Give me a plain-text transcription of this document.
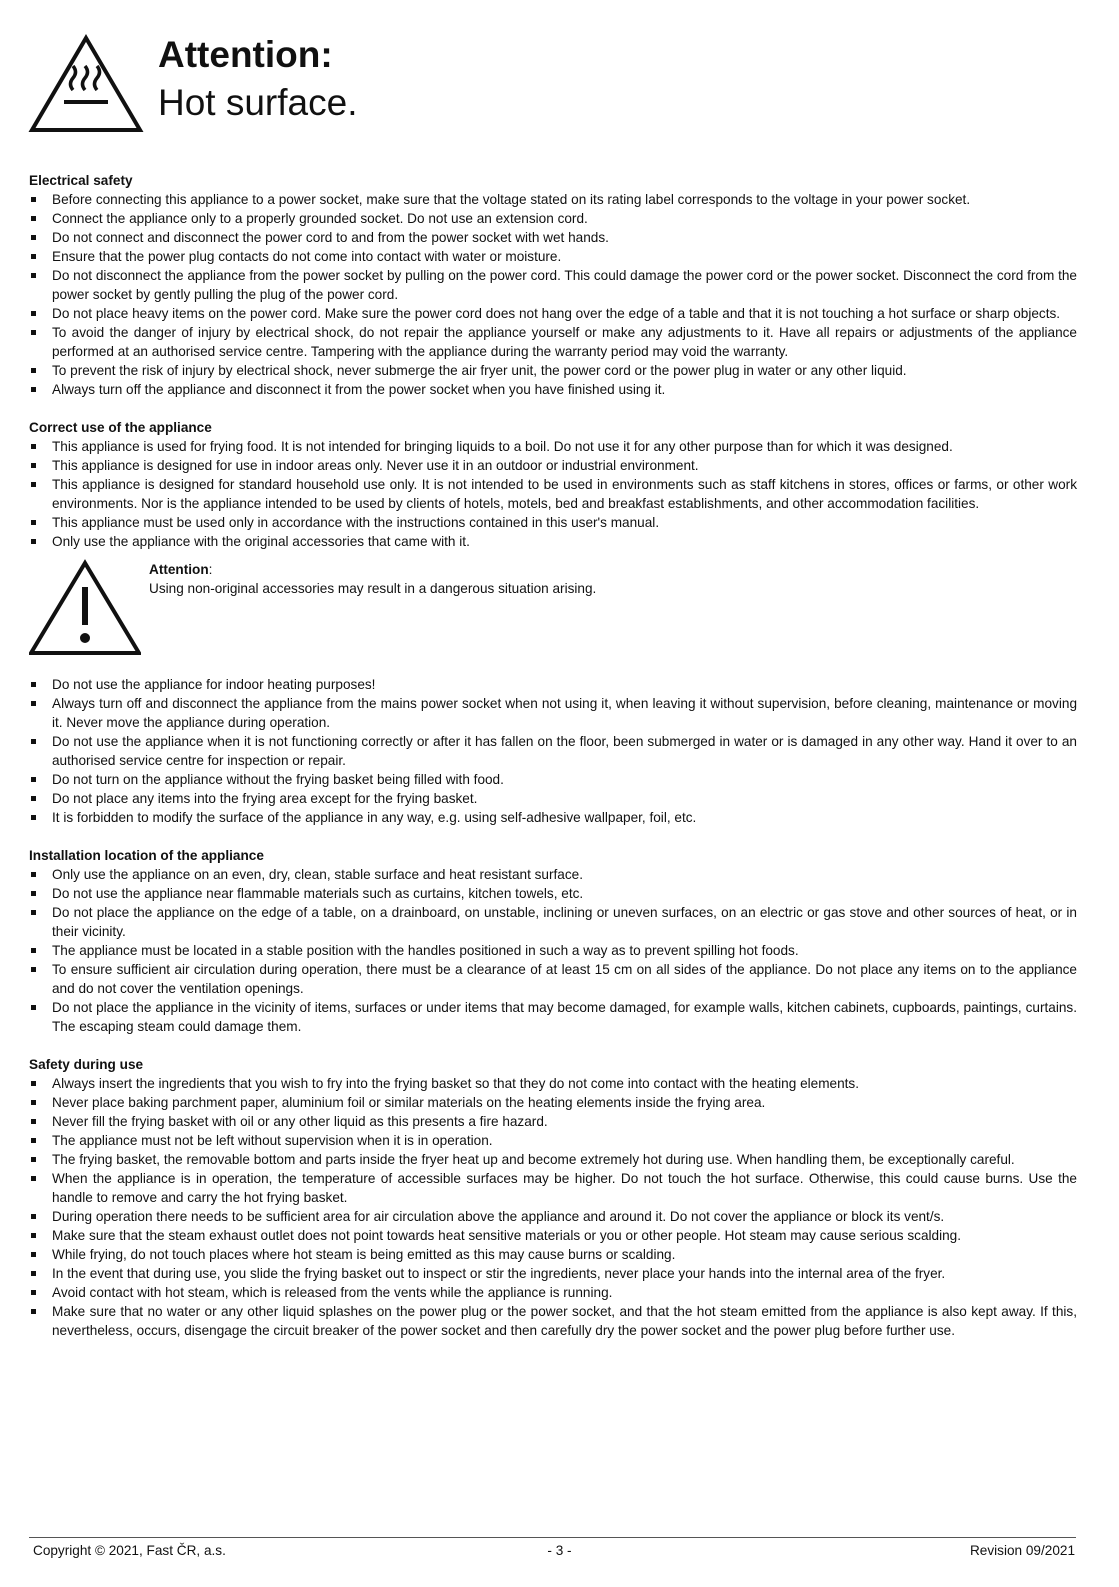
Attention:
Hot surface.
Electrical safety
Before connecting this appliance to a power socket, make sure that the voltage stated on its rating label corresponds to the voltage in your power socket.
Connect the appliance only to a properly grounded socket. Do not use an extension cord.
Do not connect and disconnect the power cord to and from the power socket with wet hands.
Ensure that the power plug contacts do not come into contact with water or moisture.
Do not disconnect the appliance from the power socket by pulling on the power cord. This could damage the power cord or the power socket. Disconnect the cord from the power socket by gently pulling the plug of the power cord.
Do not place heavy items on the power cord. Make sure the power cord does not hang over the edge of a table and that it is not touching a hot surface or sharp objects.
To avoid the danger of injury by electrical shock, do not repair the appliance yourself or make any adjustments to it. Have all repairs or adjustments of the appliance performed at an authorised service centre. Tampering with the appliance during the warranty period may void the warranty.
To prevent the risk of injury by electrical shock, never submerge the air fryer unit, the power cord or the power plug in water or any other liquid.
Always turn off the appliance and disconnect it from the power socket when you have finished using it.
Correct use of the appliance
This appliance is used for frying food. It is not intended for bringing liquids to a boil. Do not use it for any other purpose than for which it was designed.
This appliance is designed for use in indoor areas only. Never use it in an outdoor or industrial environment.
This appliance is designed for standard household use only. It is not intended to be used in environments such as staff kitchens in stores, offices or farms, or other work environments. Nor is the appliance intended to be used by clients of hotels, motels, bed and breakfast establishments, and other accommodation facilities.
This appliance must be used only in accordance with the instructions contained in this user's manual.
Only use the appliance with the original accessories that came with it.
Attention:
Using non-original accessories may result in a dangerous situation arising.
Do not use the appliance for indoor heating purposes!
Always turn off and disconnect the appliance from the mains power socket when not using it, when leaving it without supervision, before cleaning, maintenance or moving it. Never move the appliance during operation.
Do not use the appliance when it is not functioning correctly or after it has fallen on the floor, been submerged in water or is damaged in any other way. Hand it over to an authorised service centre for inspection or repair.
Do not turn on the appliance without the frying basket being filled with food.
Do not place any items into the frying area except for the frying basket.
It is forbidden to modify the surface of the appliance in any way, e.g. using self-adhesive wallpaper, foil, etc.
Installation location of the appliance
Only use the appliance on an even, dry, clean, stable surface and heat resistant surface.
Do not use the appliance near flammable materials such as curtains, kitchen towels, etc.
Do not place the appliance on the edge of a table, on a drainboard, on unstable, inclining or uneven surfaces, on an electric or gas stove and other sources of heat, or in their vicinity.
The appliance must be located in a stable position with the handles positioned in such a way as to prevent spilling hot foods.
To ensure sufficient air circulation during operation, there must be a clearance of at least 15 cm on all sides of the appliance. Do not place any items on to the appliance and do not cover the ventilation openings.
Do not place the appliance in the vicinity of items, surfaces or under items that may become damaged, for example walls, kitchen cabinets, cupboards, paintings, curtains. The escaping steam could damage them.
Safety during use
Always insert the ingredients that you wish to fry into the frying basket so that they do not come into contact with the heating elements.
Never place baking parchment paper, aluminium foil or similar materials on the heating elements inside the frying area.
Never fill the frying basket with oil or any other liquid as this presents a fire hazard.
The appliance must not be left without supervision when it is in operation.
The frying basket, the removable bottom and parts inside the fryer heat up and become extremely hot during use. When handling them, be exceptionally careful.
When the appliance is in operation, the temperature of accessible surfaces may be higher. Do not touch the hot surface. Otherwise, this could cause burns. Use the handle to remove and carry the hot frying basket.
During operation there needs to be sufficient area for air circulation above the appliance and around it. Do not cover the appliance or block its vent/s.
Make sure that the steam exhaust outlet does not point towards heat sensitive materials or you or other people. Hot steam may cause serious scalding.
While frying, do not touch places where hot steam is being emitted as this may cause burns or scalding.
In the event that during use, you slide the frying basket out to inspect or stir the ingredients, never place your hands into the internal area of the fryer.
Avoid contact with hot steam, which is released from the vents while the appliance is running.
Make sure that no water or any other liquid splashes on the power plug or the power socket, and that the hot steam emitted from the appliance is also kept away. If this, nevertheless, occurs, disengage the circuit breaker of the power socket and then carefully dry the power socket and the power plug before further use.
- 3 -
Copyright © 2021, Fast ČR, a.s.	Revision 09/2021
